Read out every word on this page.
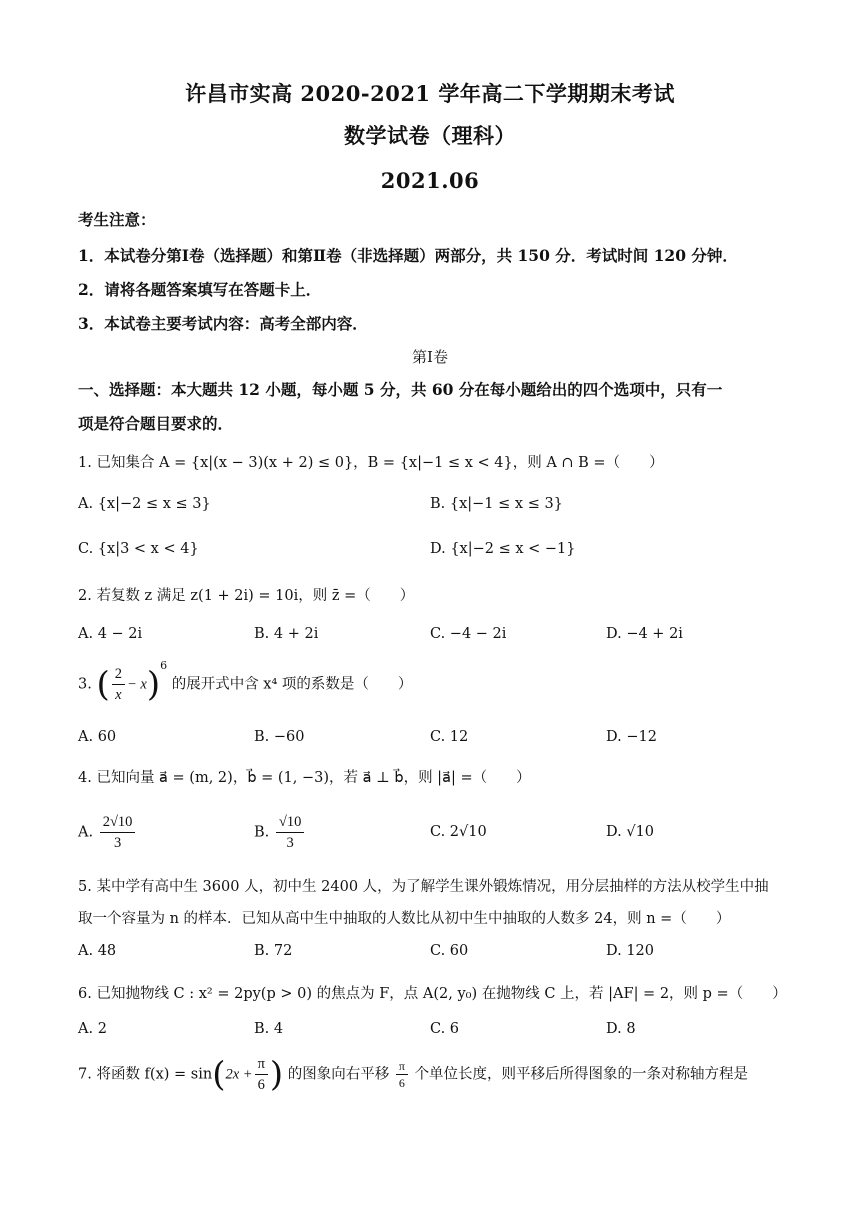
许昌市实高 2020-2021 学年高二下学期期末考试
数学试卷（理科）
2021.06
考生注意：
1．本试卷分第Ⅰ卷（选择题）和第Ⅱ卷（非选择题）两部分，共 150 分．考试时间 120 分钟．
2．请将各题答案填写在答题卡上．
3．本试卷主要考试内容：高考全部内容．
第Ⅰ卷
一、选择题：本大题共 12 小题，每小题 5 分，共 60 分在每小题给出的四个选项中，只有一
项是符合题目要求的．
1. 已知集合 A = {x|(x − 3)(x + 2) ≤ 0}，B = {x|−1 ≤ x < 4}，则 A ∩ B =（　　）
A. {x|−2 ≤ x ≤ 3}	B. {x|−1 ≤ x ≤ 3}
C. {x|3 < x < 4}	D. {x|−2 ≤ x < −1}
2. 若复数 z 满足 z(1 + 2i) = 10i，则 z̄ =（　　）
A. 4 − 2i	B. 4 + 2i	C. −4 − 2i	D. −4 + 2i
3. ( $\frac{2}{x} - x)^6$ 的展开式中含 x⁴ 项的系数是（　　）
A. 60	B. −60	C. 12	D. −12
4. 已知向量 a⃗ = (m, 2)，b⃗ = (1, −3)，若 a⃗ ⊥ b⃗，则 |a⃗| =（　　）
A. $\frac{2√10}{3}$	B. $\frac{√10}{3}$	C. 2√10	D. √10
5. 某中学有高中生 3600 人，初中生 2400 人，为了解学生课外锻炼情况，用分层抽样的方法从校学生中抽
取一个容量为 n 的样本．已知从高中生中抽取的人数比从初中生中抽取的人数多 24，则 n =（　　）
A. 48	B. 72	C. 60	D. 120
6. 已知抛物线 C : x² = 2py(p > 0) 的焦点为 F，点 A(2, y₀) 在抛物线 C 上，若 |AF| = 2，则 p =（　　）
A. 2	B. 4	C. 6	D. 8
7. 将函数 $f(x) = \sin(2x + \frac{\pi}{6}$ ) 的图象向右平移 $\frac{\pi}{6}$ 个单位长度，则平移后所得图象的一条对称轴方程是
